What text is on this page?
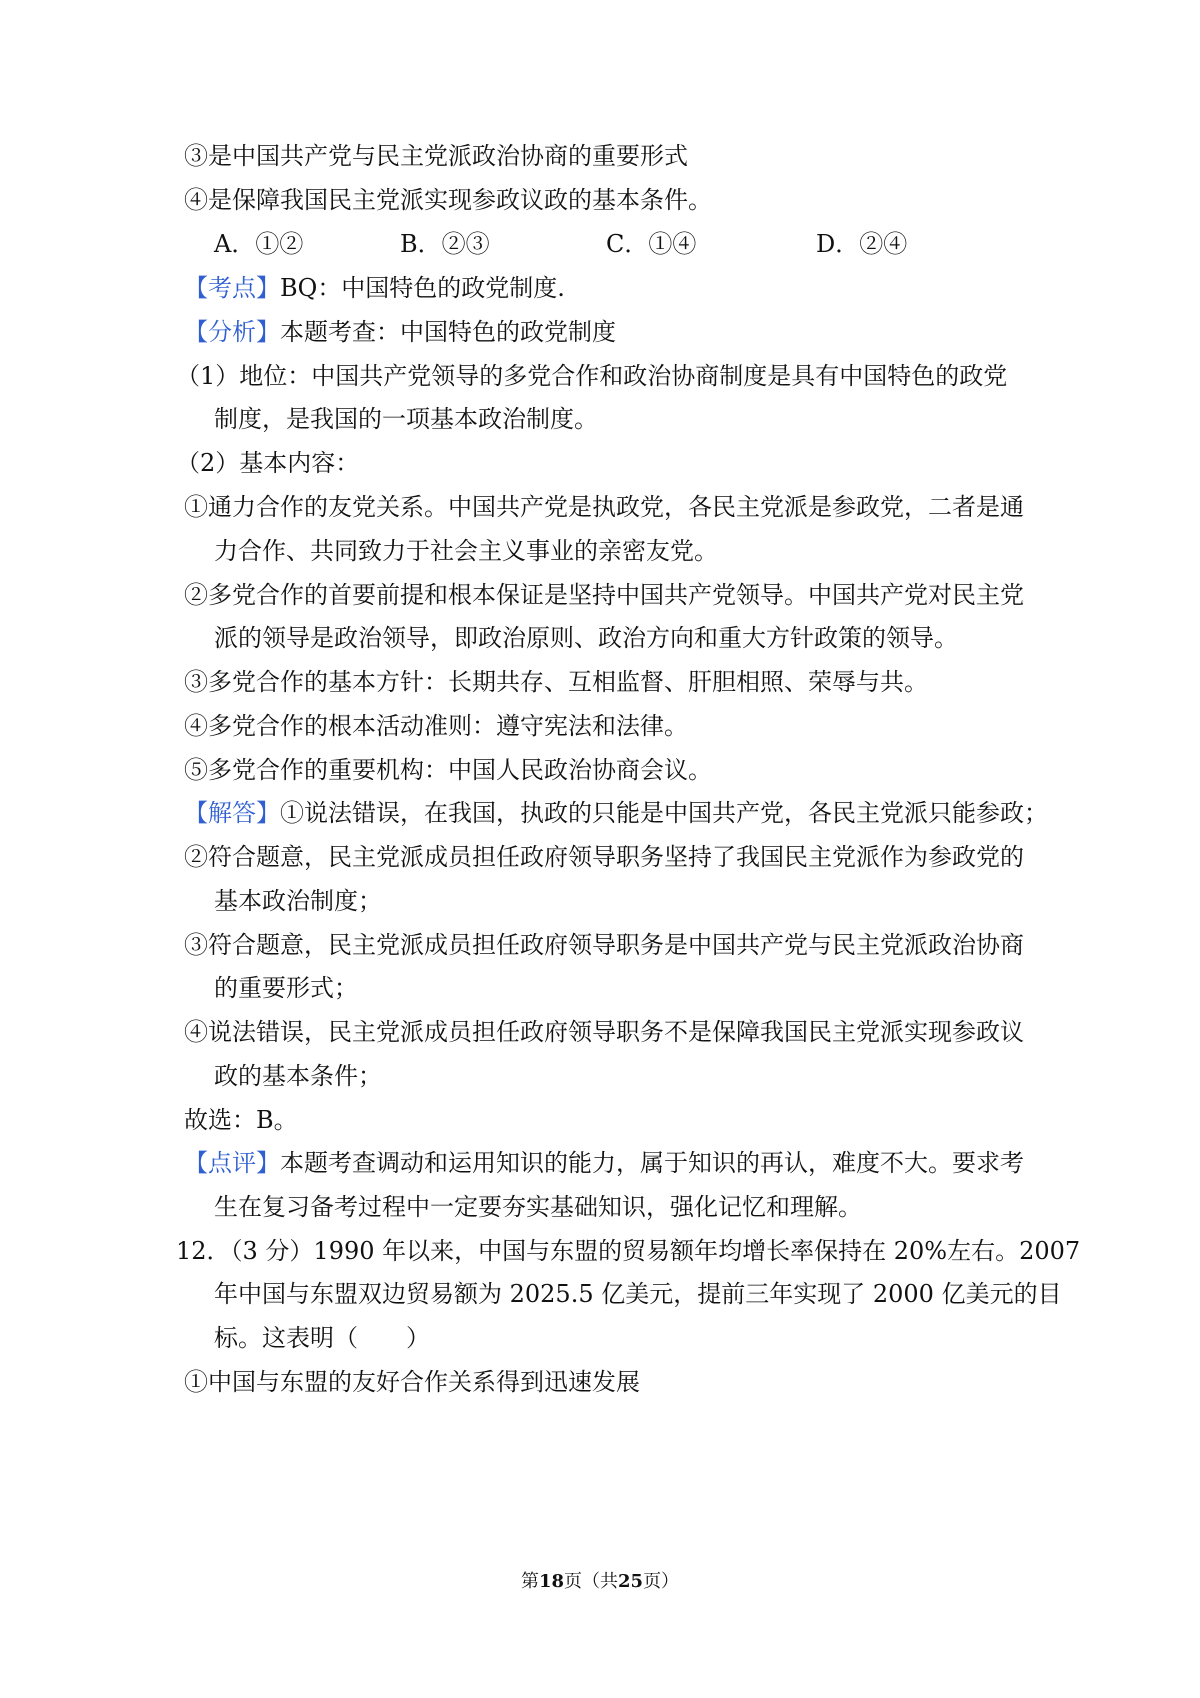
③是中国共产党与民主党派政治协商的重要形式
④是保障我国民主党派实现参政议政的基本条件。
A．①②	B．②③	C．①④	D．②④
【考点】BQ：中国特色的政党制度.
【分析】本题考查：中国特色的政党制度
（1）地位：中国共产党领导的多党合作和政治协商制度是具有中国特色的政党
制度，是我国的一项基本政治制度。
（2）基本内容：
①通力合作的友党关系。中国共产党是执政党，各民主党派是参政党，二者是通
力合作、共同致力于社会主义事业的亲密友党。
②多党合作的首要前提和根本保证是坚持中国共产党领导。中国共产党对民主党
派的领导是政治领导，即政治原则、政治方向和重大方针政策的领导。
③多党合作的基本方针：长期共存、互相监督、肝胆相照、荣辱与共。
④多党合作的根本活动准则：遵守宪法和法律。
⑤多党合作的重要机构：中国人民政治协商会议。
【解答】①说法错误，在我国，执政的只能是中国共产党，各民主党派只能参政；
②符合题意，民主党派成员担任政府领导职务坚持了我国民主党派作为参政党的
基本政治制度；
③符合题意，民主党派成员担任政府领导职务是中国共产党与民主党派政治协商
的重要形式；
④说法错误，民主党派成员担任政府领导职务不是保障我国民主党派实现参政议
政的基本条件；
故选：B。
【点评】本题考查调动和运用知识的能力，属于知识的再认，难度不大。要求考
生在复习备考过程中一定要夯实基础知识，强化记忆和理解。
12．（3 分）1990 年以来，中国与东盟的贸易额年均增长率保持在 20%左右。2007
年中国与东盟双边贸易额为 2025.5 亿美元，提前三年实现了 2000 亿美元的目
标。这表明（　　）
①中国与东盟的友好合作关系得到迅速发展
第18页（共25页）
